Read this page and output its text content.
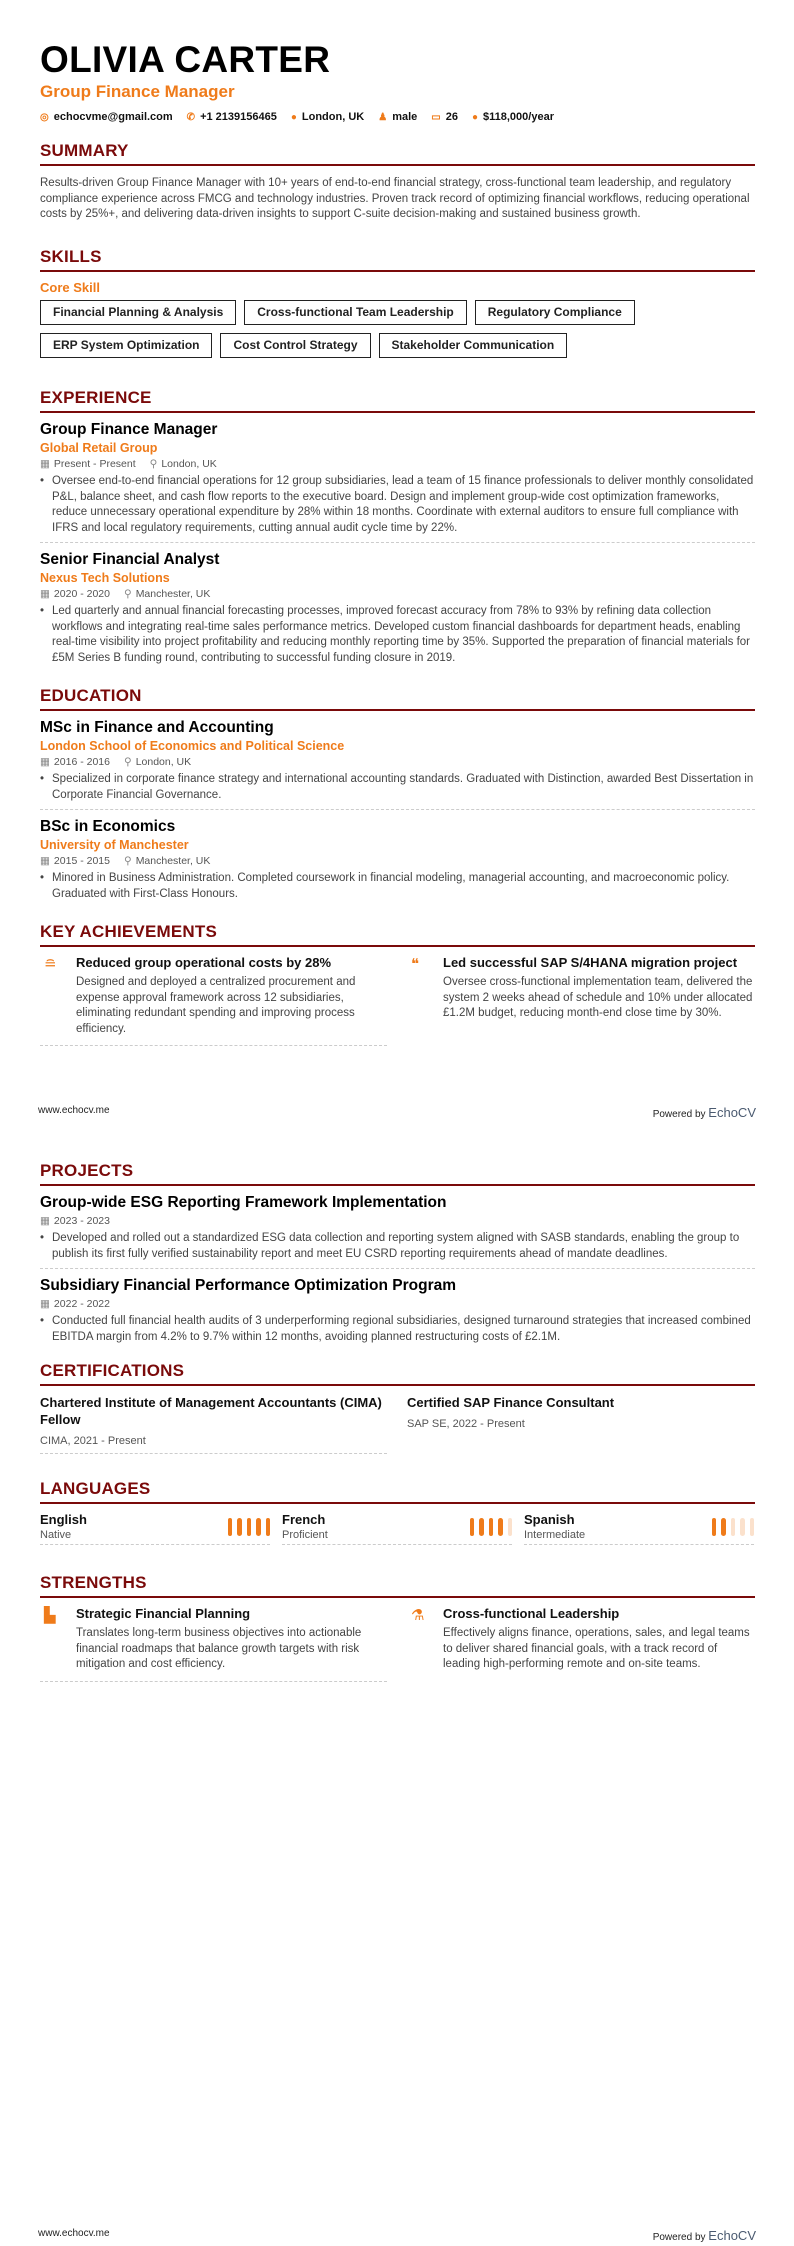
OLIVIA CARTER
Group Finance Manager
◎ echocvme@gmail.com ✆ +1 2139156465 ● London, UK ♟ male ▭ 26 ● $118,000/year
SUMMARY
Results-driven Group Finance Manager with 10+ years of end-to-end financial strategy, cross-functional team leadership, and regulatory compliance experience across FMCG and technology industries. Proven track record of optimizing financial workflows, reducing operational costs by 25%+, and delivering data-driven insights to support C-suite decision-making and sustained business growth.
SKILLS
Core Skill
Financial Planning & Analysis	Cross-functional Team Leadership	Regulatory Compliance
ERP System Optimization	Cost Control Strategy	Stakeholder Communication
EXPERIENCE
Group Finance Manager
Global Retail Group
▦ Present - Present ⚲ London, UK
• Oversee end-to-end financial operations for 12 group subsidiaries, lead a team of 15 finance professionals to deliver monthly consolidated P&L, balance sheet, and cash flow reports to the executive board. Design and implement group-wide cost optimization frameworks, reduce unnecessary operational expenditure by 28% within 18 months. Coordinate with external auditors to ensure full compliance with IFRS and local regulatory requirements, cutting annual audit cycle time by 22%.
Senior Financial Analyst
Nexus Tech Solutions
▦ 2020 - 2020 ⚲ Manchester, UK
• Led quarterly and annual financial forecasting processes, improved forecast accuracy from 78% to 93% by refining data collection workflows and integrating real-time sales performance metrics. Developed custom financial dashboards for department heads, enabling real-time visibility into project profitability and reducing monthly reporting time by 35%. Supported the preparation of financial materials for £5M Series B funding round, contributing to successful funding closure in 2019.
EDUCATION
MSc in Finance and Accounting
London School of Economics and Political Science
▦ 2016 - 2016 ⚲ London, UK
• Specialized in corporate finance strategy and international accounting standards. Graduated with Distinction, awarded Best Dissertation in Corporate Financial Governance.
BSc in Economics
University of Manchester
▦ 2015 - 2015 ⚲ Manchester, UK
• Minored in Business Administration. Completed coursework in financial modeling, managerial accounting, and macroeconomic policy. Graduated with First-Class Honours.
KEY ACHIEVEMENTS
≘	Reduced group operational costs by 28%
Designed and deployed a centralized procurement and expense approval framework across 12 subsidiaries, eliminating redundant spending and improving process efficiency.
❝	Led successful SAP S/4HANA migration project
Oversee cross-functional implementation team, delivered the system 2 weeks ahead of schedule and 10% under allocated £1.2M budget, reducing month-end close time by 30%.
www.echocv.me	Powered by EchoCV
PROJECTS
Group-wide ESG Reporting Framework Implementation
▦ 2023 - 2023
• Developed and rolled out a standardized ESG data collection and reporting system aligned with SASB standards, enabling the group to publish its first fully verified sustainability report and meet EU CSRD reporting requirements ahead of mandate deadlines.
Subsidiary Financial Performance Optimization Program
▦ 2022 - 2022
• Conducted full financial health audits of 3 underperforming regional subsidiaries, designed turnaround strategies that increased combined EBITDA margin from 4.2% to 9.7% within 12 months, avoiding planned restructuring costs of £2.1M.
CERTIFICATIONS
Chartered Institute of Management Accountants (CIMA) Fellow
CIMA, 2021 - Present
Certified SAP Finance Consultant
SAP SE, 2022 - Present
LANGUAGES
English
Native
French
Proficient
Spanish
Intermediate
STRENGTHS
▙	Strategic Financial Planning
Translates long-term business objectives into actionable financial roadmaps that balance growth targets with risk mitigation and cost efficiency.
⚗	Cross-functional Leadership
Effectively aligns finance, operations, sales, and legal teams to deliver shared financial goals, with a track record of leading high-performing remote and on-site teams.
www.echocv.me	Powered by EchoCV
